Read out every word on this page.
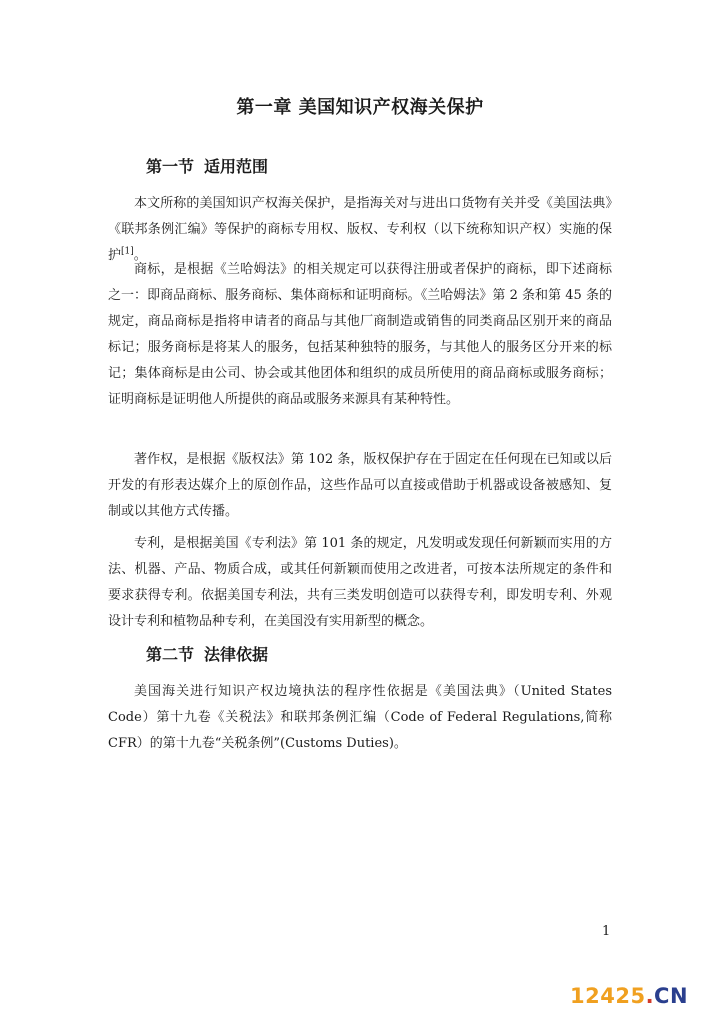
第一章 美国知识产权海关保护
第一节 适用范围

本文所称的美国知识产权海关保护，是指海关对与进出口货物有关并受《美国法典》《联邦条例汇编》等保护的商标专用权、版权、专利权（以下统称知识产权）实施的保护[1]。

商标，是根据《兰哈姆法》的相关规定可以获得注册或者保护的商标，即下述商标之一：即商品商标、服务商标、集体商标和证明商标。《兰哈姆法》第 2 条和第 45 条的规定，商品商标是指将申请者的商品与其他厂商制造或销售的同类商品区别开来的商品标记；服务商标是将某人的服务，包括某种独特的服务，与其他人的服务区分开来的标记；集体商标是由公司、协会或其他团体和组织的成员所使用的商品商标或服务商标；证明商标是证明他人所提供的商品或服务来源具有某种特性。

著作权，是根据《版权法》第 102 条，版权保护存在于固定在任何现在已知或以后开发的有形表达媒介上的原创作品，这些作品可以直接或借助于机器或设备被感知、复制或以其他方式传播。

专利，是根据美国《专利法》第 101 条的规定，凡发明或发现任何新颖而实用的方法、机器、产品、物质合成，或其任何新颖而使用之改进者，可按本法所规定的条件和要求获得专利。依据美国专利法，共有三类发明创造可以获得专利，即发明专利、外观设计专利和植物品种专利，在美国没有实用新型的概念。

第二节 法律依据

美国海关进行知识产权边境执法的程序性依据是《美国法典》（United States Code）第十九卷《关税法》和联邦条例汇编（Code of Federal Regulations,简称 CFR）的第十九卷“关税条例”(Customs Duties)。

1
12425.CN
